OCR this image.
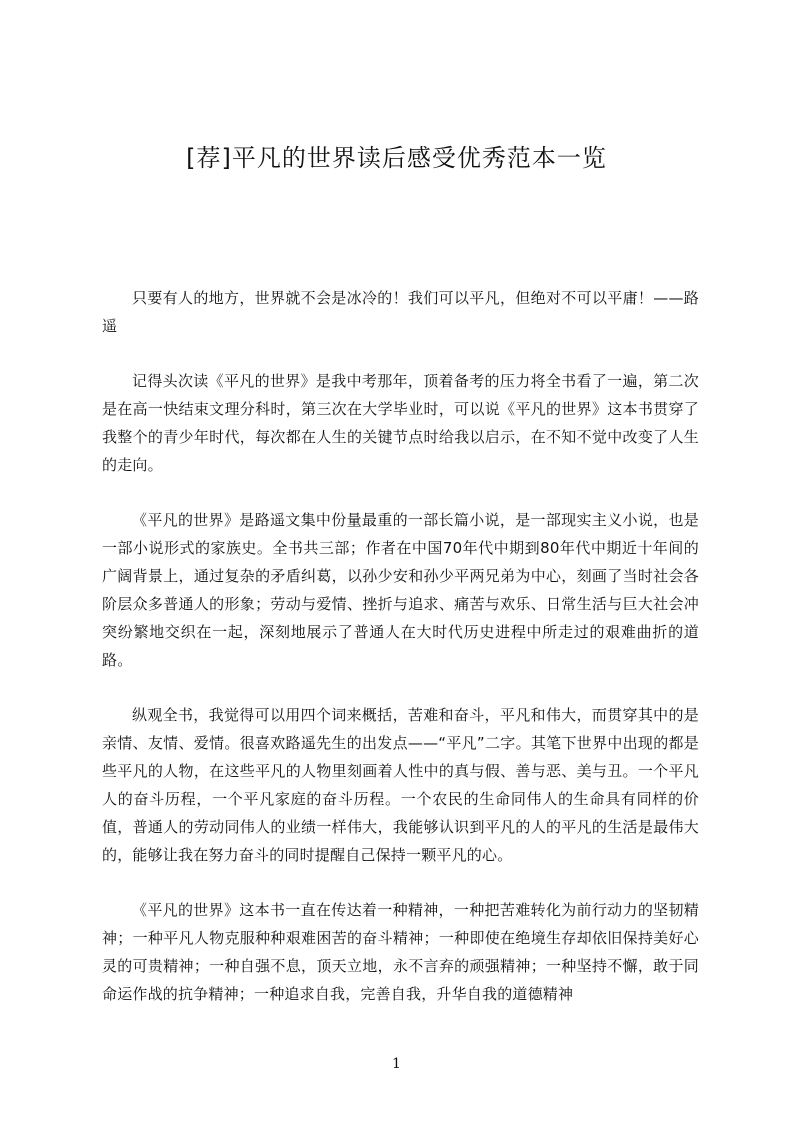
[荐]平凡的世界读后感受优秀范本一览

只要有人的地方，世界就不会是冰冷的！我们可以平凡，但绝对不可以平庸！——路遥

记得头次读《平凡的世界》是我中考那年，顶着备考的压力将全书看了一遍，第二次是在高一快结束文理分科时，第三次在大学毕业时，可以说《平凡的世界》这本书贯穿了我整个的青少年时代，每次都在人生的关键节点时给我以启示，在不知不觉中改变了人生的走向。

《平凡的世界》是路遥文集中份量最重的一部长篇小说，是一部现实主义小说，也是一部小说形式的家族史。全书共三部；作者在中国70年代中期到80年代中期近十年间的广阔背景上，通过复杂的矛盾纠葛，以孙少安和孙少平两兄弟为中心，刻画了当时社会各阶层众多普通人的形象；劳动与爱情、挫折与追求、痛苦与欢乐、日常生活与巨大社会冲突纷繁地交织在一起，深刻地展示了普通人在大时代历史进程中所走过的艰难曲折的道路。

纵观全书，我觉得可以用四个词来概括，苦难和奋斗，平凡和伟大，而贯穿其中的是亲情、友情、爱情。很喜欢路遥先生的出发点——“平凡”二字。其笔下世界中出现的都是些平凡的人物，在这些平凡的人物里刻画着人性中的真与假、善与恶、美与丑。一个平凡人的奋斗历程，一个平凡家庭的奋斗历程。一个农民的生命同伟人的生命具有同样的价值，普通人的劳动同伟人的业绩一样伟大，我能够认识到平凡的人的平凡的生活是最伟大的，能够让我在努力奋斗的同时提醒自己保持一颗平凡的心。

《平凡的世界》这本书一直在传达着一种精神，一种把苦难转化为前行动力的坚韧精神；一种平凡人物克服种种艰难困苦的奋斗精神；一种即使在绝境生存却依旧保持美好心灵的可贵精神；一种自强不息，顶天立地，永不言弃的顽强精神；一种坚持不懈，敢于同命运作战的抗争精神；一种追求自我，完善自我，升华自我的道德精神

1
